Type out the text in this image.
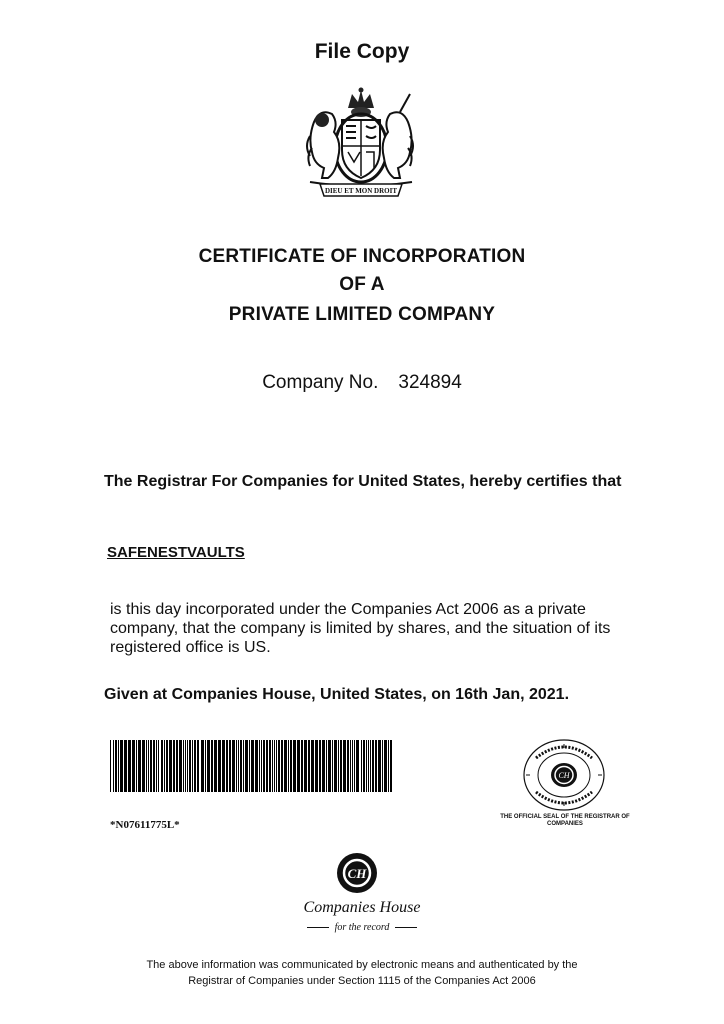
File Copy
DIEU ET MON DROIT
CERTIFICATE OF INCORPORATION
OF A
PRIVATE LIMITED COMPANY
Company No. 324894
The Registrar For Companies for United States, hereby certifies that
SAFENESTVAULTS
is this day incorporated under the Companies Act 2006 as a private company, that the company is limited by shares, and the situation of its registered office is US.
Given at Companies House, United States, on 16th Jan, 2021.
*N07611775L*
CH
THE OFFICIAL SEAL OF THE REGISTRAR OF COMPANIES
CH
Companies House
for the record
The above information was communicated by electronic means and authenticated by the
Registrar of Companies under Section 1115 of the Companies Act 2006
